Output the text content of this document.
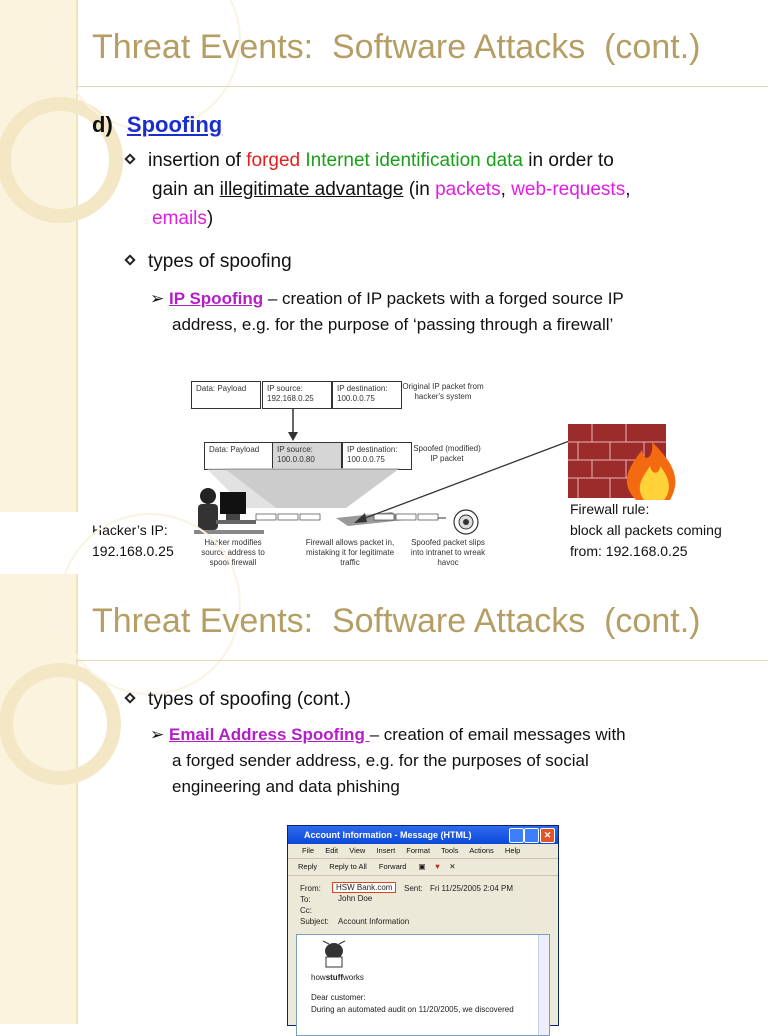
Threat Events:  Software Attacks  (cont.)
d) Spoofing
insertion of forged Internet identification data in order to
gain an illegitimate advantage (in packets, web-requests,
emails)
types of spoofing
➢ IP Spoofing – creation of IP packets with a forged source IP
address, e.g. for the purpose of ‘passing through a firewall’
Data: Payload	IP source:
192.168.0.25
IP destination:
100.0.0.75
Original IP packet from hacker's system
Data: Payload	IP source:
100.0.0.80
IP destination:
100.0.0.75
Spoofed (modified) IP packet
Hacker modifies source address to spoof firewall
Firewall allows packet in, mistaking it for legitimate traffic
Spoofed packet slips into intranet to wreak havoc
Hacker’s IP:
192.168.0.25
Firewall rule:
block all packets coming
from: 192.168.0.25
Threat Events:  Software Attacks  (cont.)
types of spoofing (cont.)
➢ Email Address Spoofing – creation of email messages with
a forged sender address, e.g. for the purposes of social
engineering and data phishing
Account Information - Message (HTML)	✕
File Edit View Insert Format Tools Actions Help
Reply Reply to All Forward ▣ ▼ ✕
From:	HSW Bank.com	Sent: Fri 11/25/2005 2:04 PM
To:	John Doe
Cc:
Subject: Account Information
howstuffworks
Dear customer:
During an automated audit on 11/20/2005, we discovered
